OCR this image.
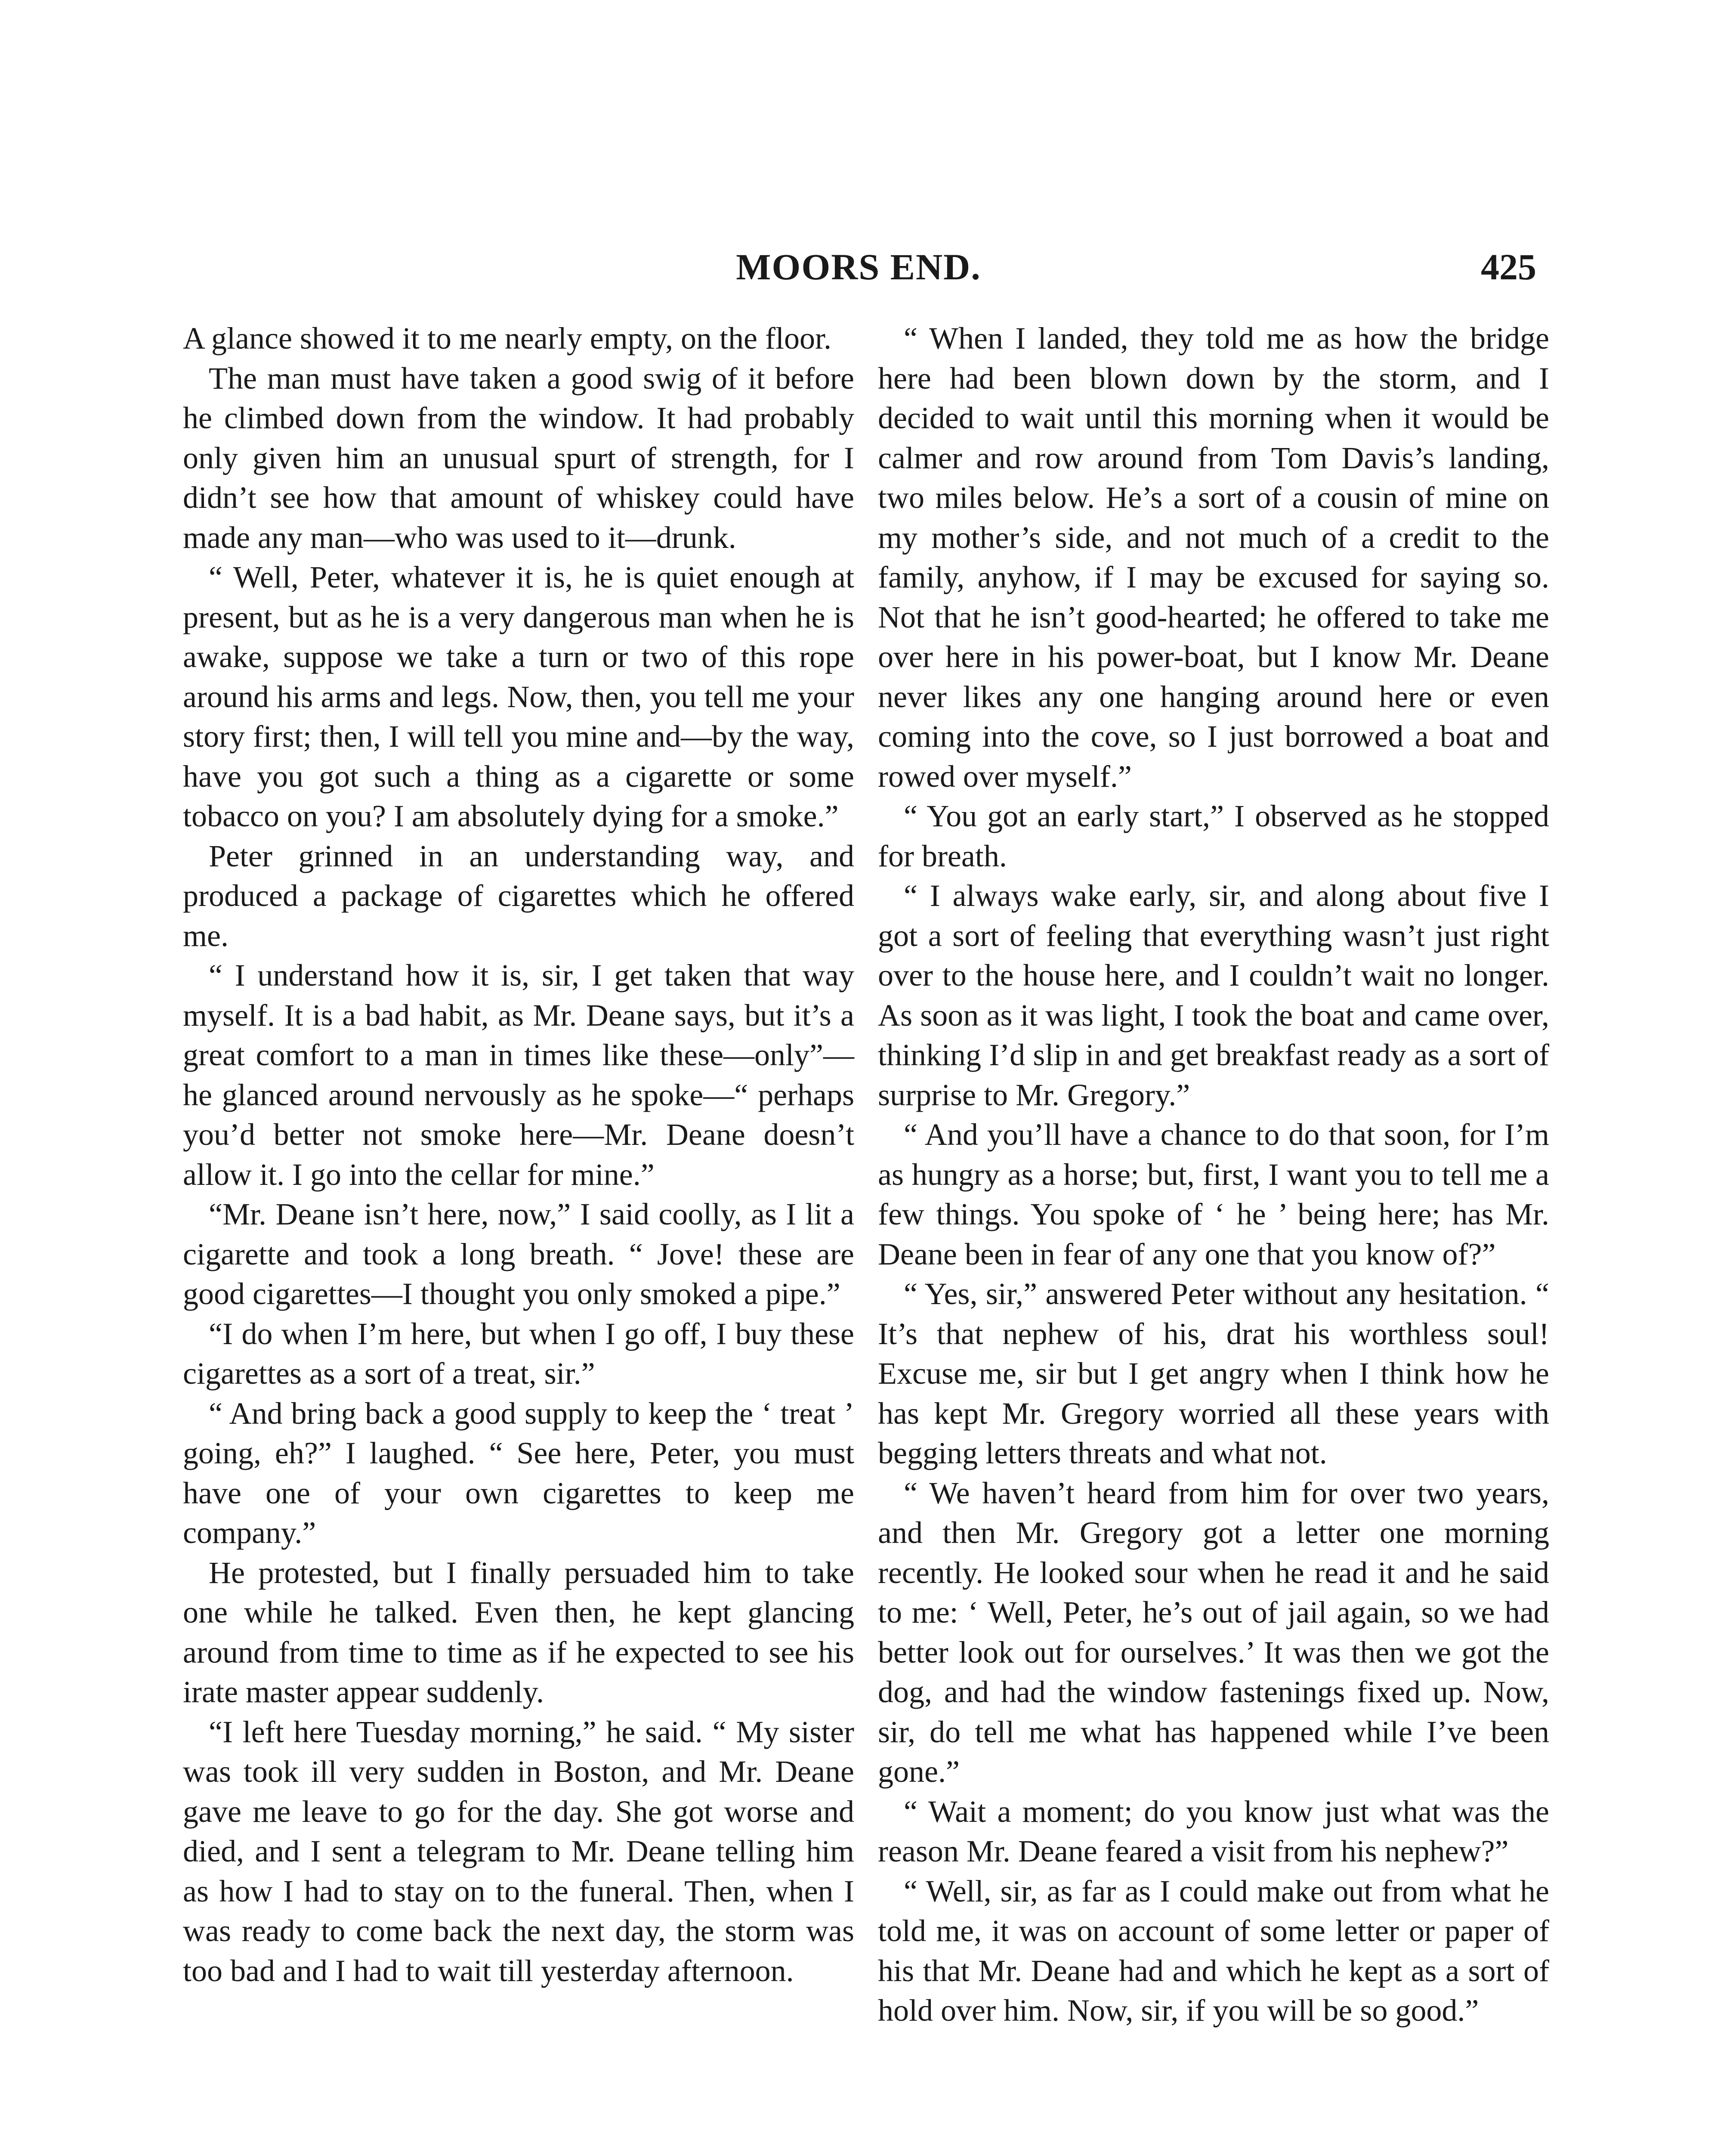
MOORS END.	425

A glance showed it to me nearly empty, on the floor.

The man must have taken a good swig of it before he climbed down from the window. It had probably only given him an unusual spurt of strength, for I didn’t see how that amount of whiskey could have made any man—who was used to it—drunk.

“ Well, Peter, whatever it is, he is quiet enough at present, but as he is a very dangerous man when he is awake, suppose we take a turn or two of this rope around his arms and legs. Now, then, you tell me your story first; then, I will tell you mine and—by the way, have you got such a thing as a cigarette or some tobacco on you? I am absolutely dying for a smoke.”

Peter grinned in an understanding way, and produced a package of cigarettes which he offered me.

“ I understand how it is, sir, I get taken that way myself. It is a bad habit, as Mr. Deane says, but it’s a great comfort to a man in times like these—only”—he glanced around nervously as he spoke—“ perhaps you’d better not smoke here—Mr. Deane doesn’t allow it. I go into the cellar for mine.”

“Mr. Deane isn’t here, now,” I said coolly, as I lit a cigarette and took a long breath. “ Jove! these are good cigarettes—I thought you only smoked a pipe.”

“I do when I’m here, but when I go off, I buy these cigarettes as a sort of a treat, sir.”

“ And bring back a good supply to keep the ‘ treat ’ going, eh?” I laughed. “ See here, Peter, you must have one of your own cigarettes to keep me company.”

He protested, but I finally persuaded him to take one while he talked. Even then, he kept glancing around from time to time as if he expected to see his irate master appear suddenly.

“I left here Tuesday morning,” he said. “ My sister was took ill very sudden in Boston, and Mr. Deane gave me leave to go for the day. She got worse and died, and I sent a telegram to Mr. Deane telling him as how I had to stay on to the funeral. Then, when I was ready to come back the next day, the storm was too bad and I had to wait till yesterday afternoon.

“ When I landed, they told me as how the bridge here had been blown down by the storm, and I decided to wait until this morning when it would be calmer and row around from Tom Davis’s landing, two miles below. He’s a sort of a cousin of mine on my mother’s side, and not much of a credit to the family, anyhow, if I may be excused for saying so. Not that he isn’t good-hearted; he offered to take me over here in his power-boat, but I know Mr. Deane never likes any one hanging around here or even coming into the cove, so I just borrowed a boat and rowed over myself.”

“ You got an early start,” I observed as he stopped for breath.

“ I always wake early, sir, and along about five I got a sort of feeling that everything wasn’t just right over to the house here, and I couldn’t wait no longer. As soon as it was light, I took the boat and came over, thinking I’d slip in and get breakfast ready as a sort of surprise to Mr. Gregory.”

“ And you’ll have a chance to do that soon, for I’m as hungry as a horse; but, first, I want you to tell me a few things. You spoke of ‘ he ’ being here; has Mr. Deane been in fear of any one that you know of?”

“ Yes, sir,” answered Peter without any hesitation. “ It’s that nephew of his, drat his worthless soul! Excuse me, sir but I get angry when I think how he has kept Mr. Gregory worried all these years with begging letters threats and what not.

“ We haven’t heard from him for over two years, and then Mr. Gregory got a letter one morning recently. He looked sour when he read it and he said to me: ‘ Well, Peter, he’s out of jail again, so we had better look out for ourselves.’ It was then we got the dog, and had the window fastenings fixed up. Now, sir, do tell me what has happened while I’ve been gone.”

“ Wait a moment; do you know just what was the reason Mr. Deane feared a visit from his nephew?”

“ Well, sir, as far as I could make out from what he told me, it was on account of some letter or paper of his that Mr. Deane had and which he kept as a sort of hold over him. Now, sir, if you will be so good.”
